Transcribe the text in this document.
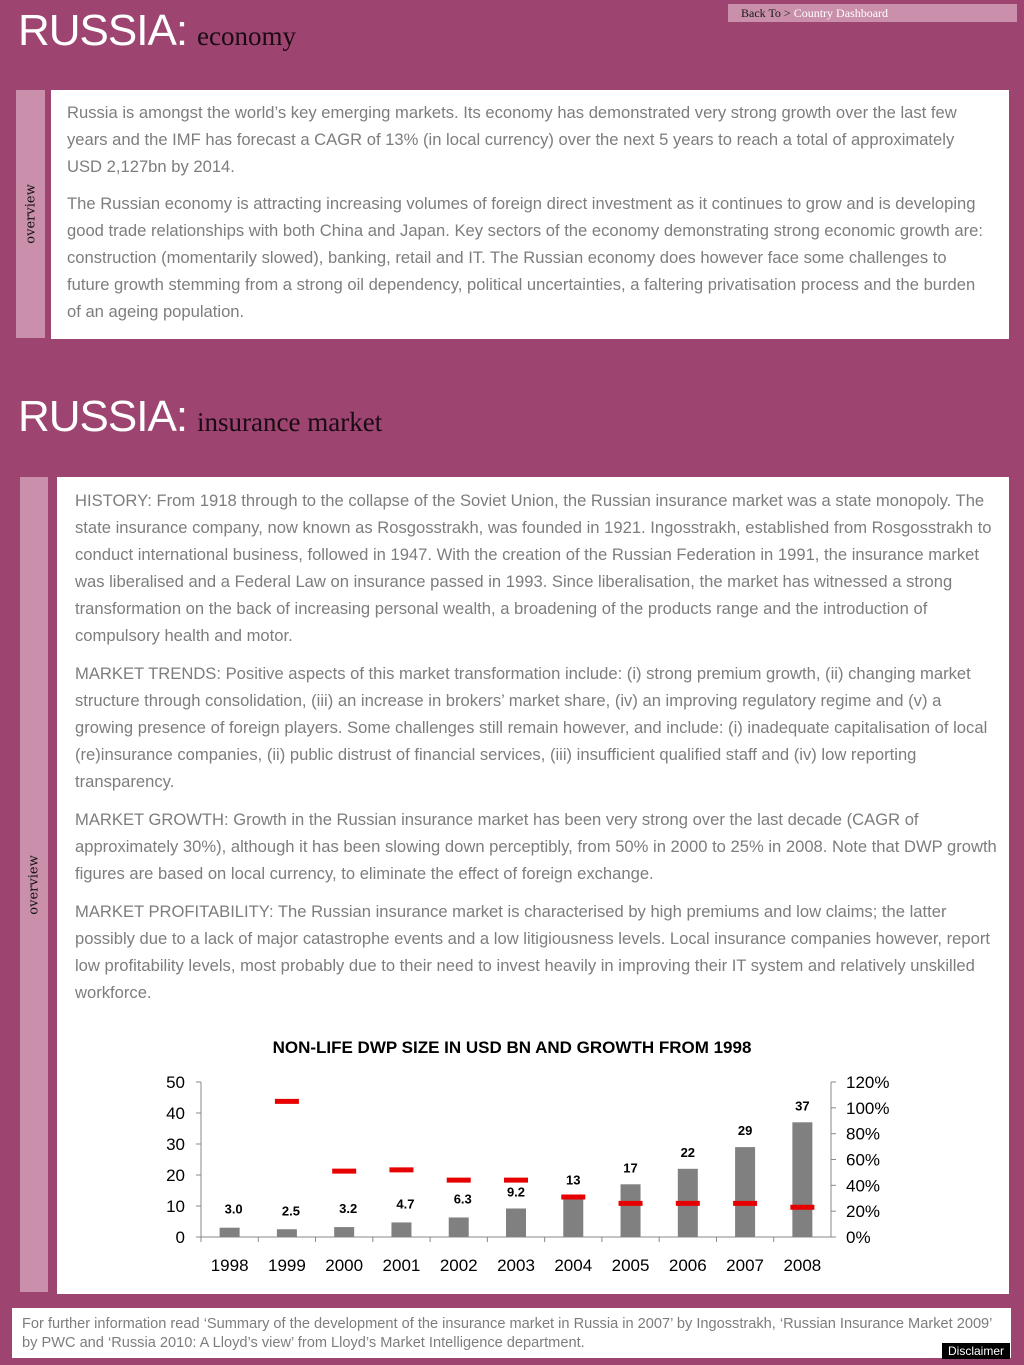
RUSSIA: economy
Back To > Country Dashboard
overview

Russia is amongst the world’s key emerging markets. Its economy has demonstrated very strong growth over the last few years and the IMF has forecast a CAGR of 13% (in local currency) over the next 5 years to reach a total of approximately USD 2,127bn by 2014.

The Russian economy is attracting increasing volumes of foreign direct investment as it continues to grow and is developing good trade relationships with both China and Japan. Key sectors of the economy demonstrating strong economic growth are: construction (momentarily slowed), banking, retail and IT. The Russian economy does however face some challenges to future growth stemming from a strong oil dependency, political uncertainties, a faltering privatisation process and the burden of an ageing population.

RUSSIA: insurance market
overview

HISTORY: From 1918 through to the collapse of the Soviet Union, the Russian insurance market was a state monopoly. The state insurance company, now known as Rosgosstrakh, was founded in 1921. Ingosstrakh, established from Rosgosstrakh to conduct international business, followed in 1947. With the creation of the Russian Federation in 1991, the insurance market was liberalised and a Federal Law on insurance passed in 1993. Since liberalisation, the market has witnessed a strong transformation on the back of increasing personal wealth, a broadening of the products range and the introduction of compulsory health and motor.

MARKET TRENDS: Positive aspects of this market transformation include: (i) strong premium growth, (ii) changing market structure through consolidation, (iii) an increase in brokers’ market share, (iv) an improving regulatory regime and (v) a growing presence of foreign players. Some challenges still remain however, and include: (i) inadequate capitalisation of local (re)insurance companies, (ii) public distrust of financial services, (iii) insufficient qualified staff and (iv) low reporting transparency.

MARKET GROWTH: Growth in the Russian insurance market has been very strong over the last decade (CAGR of approximately 30%), although it has been slowing down perceptibly, from 50% in 2000 to 25% in 2008. Note that DWP growth figures are based on local currency, to eliminate the effect of foreign exchange.

MARKET PROFITABILITY: The Russian insurance market is characterised by high premiums and low claims; the latter possibly due to a lack of major catastrophe events and a low litigiousness levels. Local insurance companies however, report low profitability levels, most probably due to their need to invest heavily in improving their IT system and relatively unskilled workforce.

NON-LIFE DWP SIZE IN USD BN AND GROWTH FROM 1998
0
10
20
30
40
50
0%
20%
40%
60%
80%
100%
120%
1998
3.0
1999
2.5
2000
3.2
2001
4.7
2002
6.3
2003
9.2
2004
13
2005
17
2006
22
2007
29
2008
37
For further information read ‘Summary of the development of the insurance market in Russia in 2007’ by Ingosstrakh, ‘Russian Insurance Market 2009’ by PWC and ‘Russia 2010: A Lloyd’s view’ from Lloyd’s Market Intelligence department.	Disclaimer
